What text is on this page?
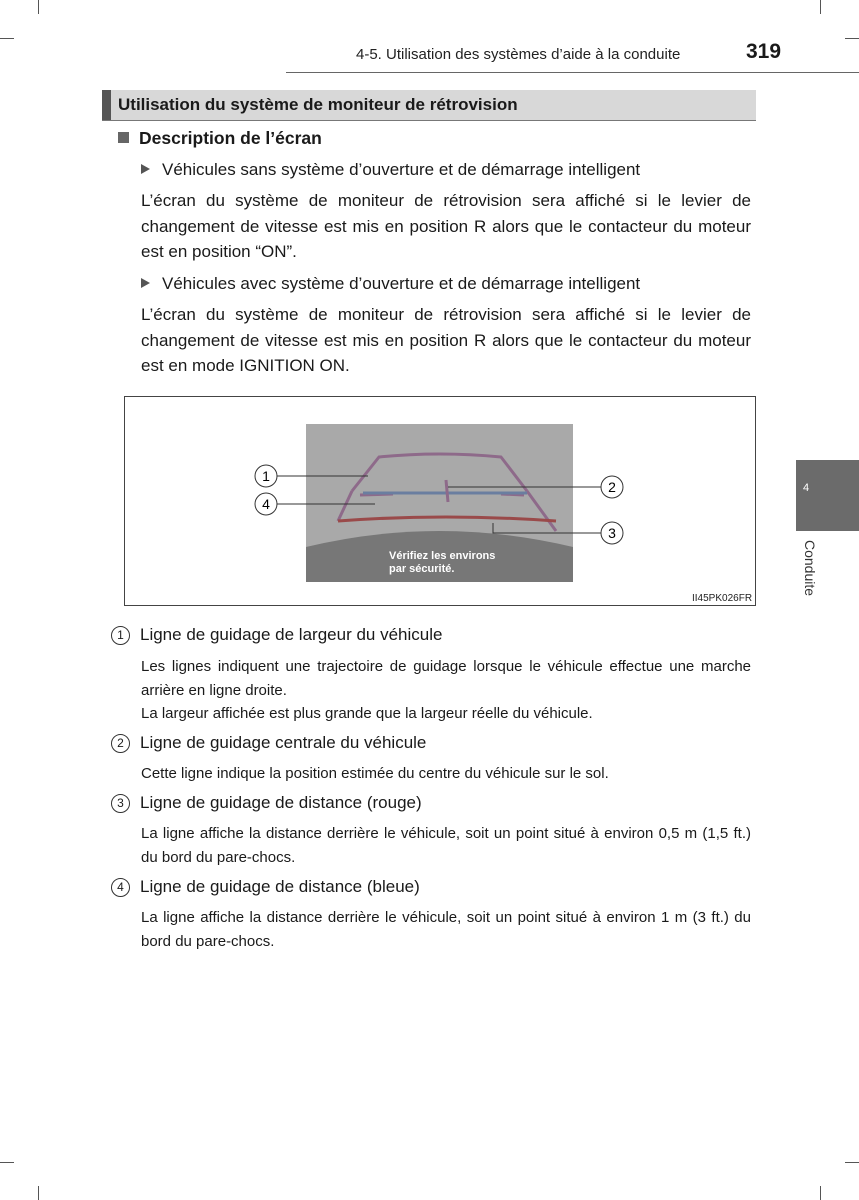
4-5. Utilisation des systèmes d’aide à la conduite	319
Utilisation du système de moniteur de rétrovision
Description de l’écran
Véhicules sans système d’ouverture et de démarrage intelligent
L’écran du système de moniteur de rétrovision sera affiché si le levier de changement de vitesse est mis en position R alors que le contacteur du moteur est en position “ON”.
Véhicules avec système d’ouverture et de démarrage intelligent
L’écran du système de moniteur de rétrovision sera affiché si le levier de changement de vitesse est mis en position R alors que le contacteur du moteur est en mode IGNITION ON.
Vérifiez les environs
par sécurité.
1
4
2
3
II45PK026FR
1 Ligne de guidage de largeur du véhicule
Les lignes indiquent une trajectoire de guidage lorsque le véhicule effectue une marche arrière en ligne droite.
La largeur affichée est plus grande que la largeur réelle du véhicule.
2 Ligne de guidage centrale du véhicule
Cette ligne indique la position estimée du centre du véhicule sur le sol.
3 Ligne de guidage de distance (rouge)
La ligne affiche la distance derrière le véhicule, soit un point situé à environ 0,5 m (1,5 ft.) du bord du pare-chocs.
4 Ligne de guidage de distance (bleue)
La ligne affiche la distance derrière le véhicule, soit un point situé à environ 1 m (3 ft.) du bord du pare-chocs.
4
Conduite
